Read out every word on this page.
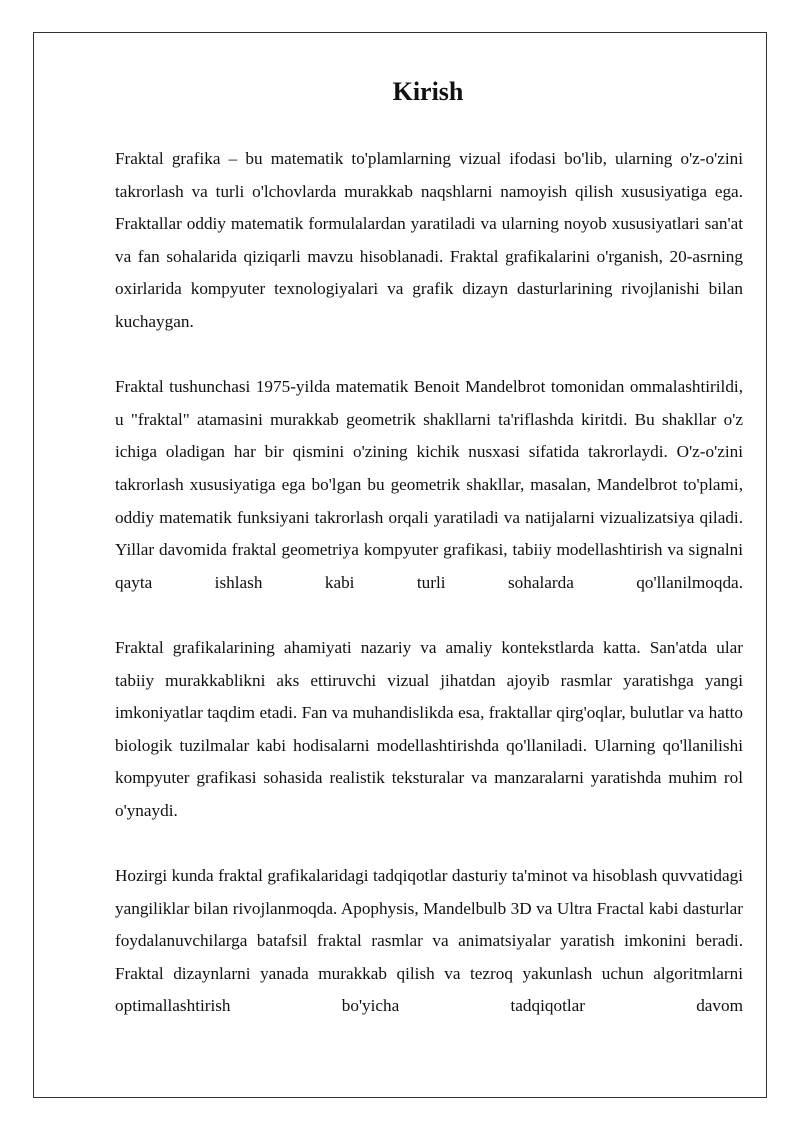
Kirish

Fraktal grafika – bu matematik to'plamlarning vizual ifodasi bo'lib, ularning o'z-o'zini takrorlash va turli o'lchovlarda murakkab naqshlarni namoyish qilish xususiyatiga ega. Fraktallar oddiy matematik formulalardan yaratiladi va ularning noyob xususiyatlari san'at va fan sohalarida qiziqarli mavzu hisoblanadi. Fraktal grafikalarini o'rganish, 20-asrning oxirlarida kompyuter texnologiyalari va grafik dizayn dasturlarining rivojlanishi bilan kuchaygan.

Fraktal tushunchasi 1975-yilda matematik Benoit Mandelbrot tomonidan ommalashtirildi, u "fraktal" atamasini murakkab geometrik shakllarni ta'riflashda kiritdi. Bu shakllar o'z ichiga oladigan har bir qismini o'zining kichik nusxasi sifatida takrorlaydi. O'z-o'zini takrorlash xususiyatiga ega bo'lgan bu geometrik shakllar, masalan, Mandelbrot to'plami, oddiy matematik funksiyani takrorlash orqali yaratiladi va natijalarni vizualizatsiya qiladi. Yillar davomida fraktal geometriya kompyuter grafikasi, tabiiy modellashtirish va signalni qayta ishlash kabi turli sohalarda qo'llanilmoqda.

Fraktal grafikalarining ahamiyati nazariy va amaliy kontekstlarda katta. San'atda ular tabiiy murakkablikni aks ettiruvchi vizual jihatdan ajoyib rasmlar yaratishga yangi imkoniyatlar taqdim etadi. Fan va muhandislikda esa, fraktallar qirg'oqlar, bulutlar va hatto biologik tuzilmalar kabi hodisalarni modellashtirishda qo'llaniladi. Ularning qo'llanilishi kompyuter grafikasi sohasida realistik teksturalar va manzaralarni yaratishda muhim rol o'ynaydi.

Hozirgi kunda fraktal grafikalaridagi tadqiqotlar dasturiy ta'minot va hisoblash quvvatidagi yangiliklar bilan rivojlanmoqda. Apophysis, Mandelbulb 3D va Ultra Fractal kabi dasturlar foydalanuvchilarga batafsil fraktal rasmlar va animatsiyalar yaratish imkonini beradi. Fraktal dizaynlarni yanada murakkab qilish va tezroq yakunlash uchun algoritmlarni optimallashtirish bo'yicha tadqiqotlar davom
